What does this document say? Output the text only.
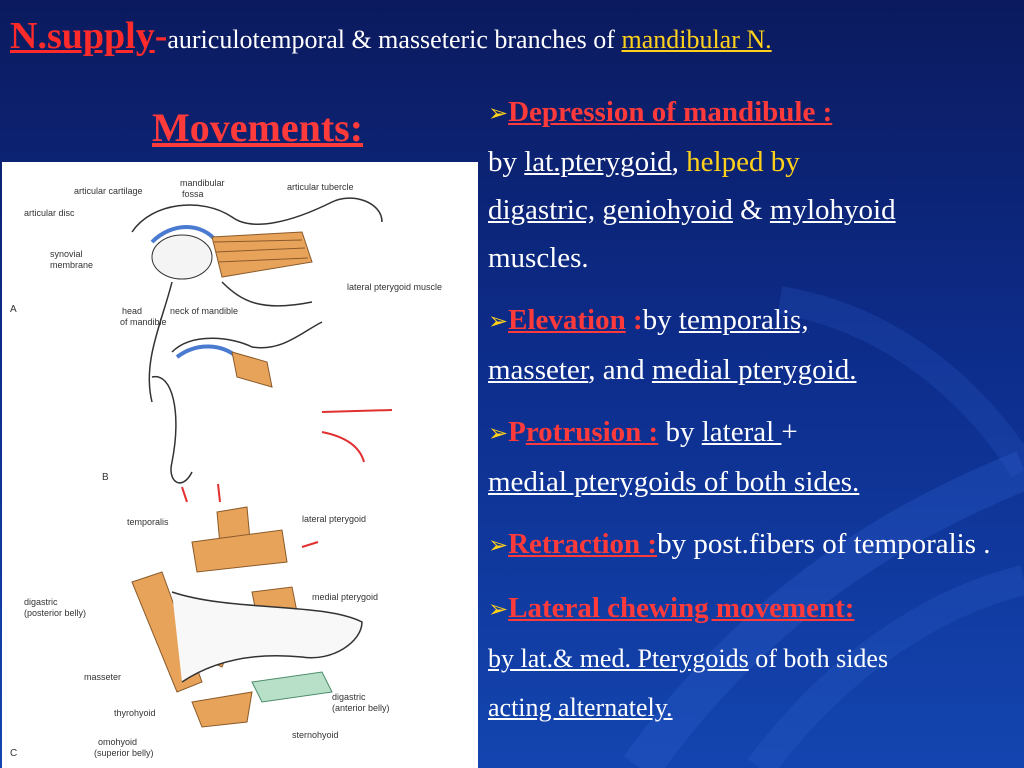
N.supply-auriculotemporal & masseteric branches of mandibular N.
Movements:
articular cartilage
mandibular
fossa
articular tubercle
articular disc
synovial
membrane
lateral pterygoid muscle
head
of mandible
neck of mandible
A
B
temporalis	lateral pterygoid
digastric
(posterior belly)
medial pterygoid
masseter
digastric
(anterior belly)
thyrohyoid
sternohyoid
omohyoid
(superior belly)
C
➢Depression of mandibule :
by lat.pterygoid, helped by
digastric, geniohyoid & mylohyoid
muscles.
➢Elevation :by temporalis,
masseter, and medial pterygoid.
➢Protrusion : by lateral +
medial pterygoids of both sides.
➢Retraction :by post.fibers of temporalis .
➢Lateral chewing movement:
by lat.& med. Pterygoids of both sides
acting alternately.
